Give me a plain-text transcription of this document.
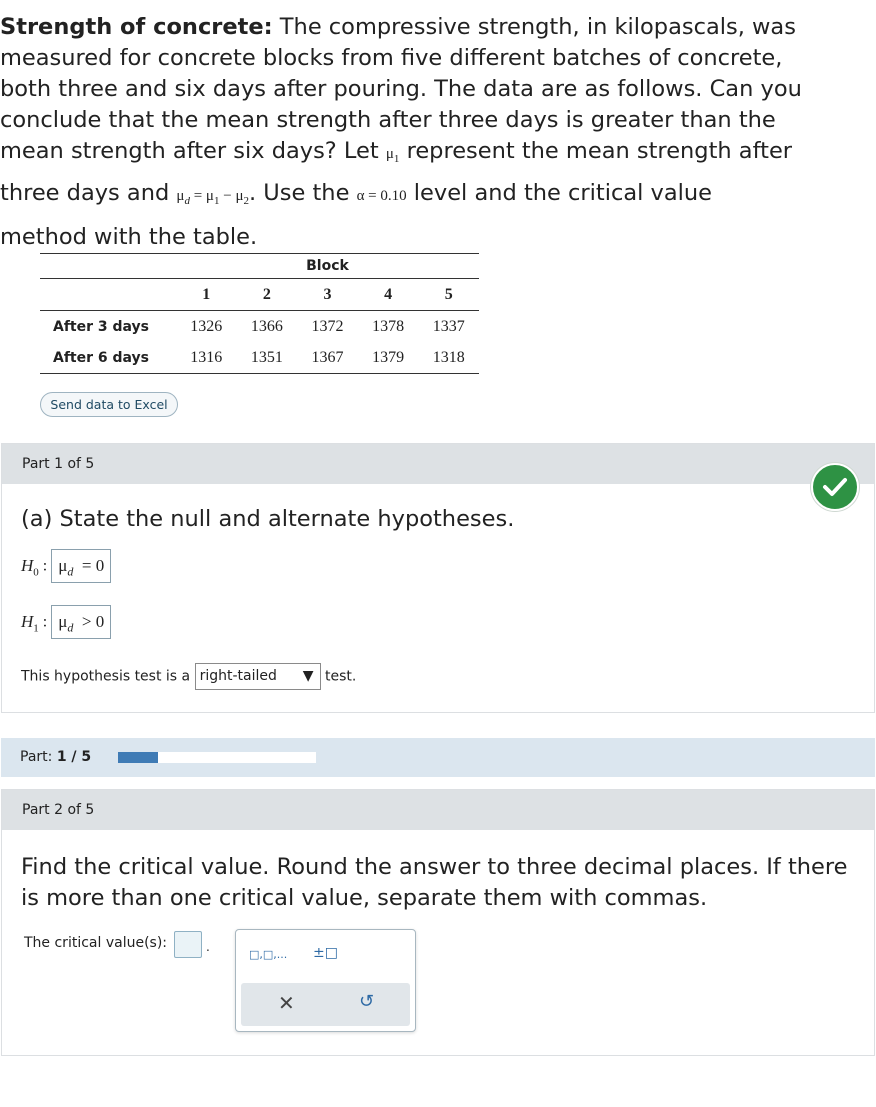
Strength of concrete: The compressive strength, in kilopascals, was
measured for concrete blocks from five different batches of concrete,
both three and six days after pouring. The data are as follows. Can you
conclude that the mean strength after three days is greater than the
mean strength after six days? Let $\mu_1$ represent the mean strength after
three days and $\mu_d = \mu_1 - \mu_2$. Use the α = 0.10 level and the critical value
method with the table.
	Block				
	1	2	3	4	5
After 3 days	1326	1366	1372	1378	1337
After 6 days	1316	1351	1367	1379	1318
Send data to Excel
Part 1 of 5
(a) State the null and alternate hypotheses.
$H_0$ : $\mu_d = 0$
$H_1$ : $\mu_d > 0$
This hypothesis test is a right-tailed ▼ test.
Part: 1 / 5
Part 2 of 5
Find the critical value. Round the answer to three decimal places. If there is more than one critical value, separate them with commas.
The critical value(s):	.
□,□,... ±□
✕	↺
